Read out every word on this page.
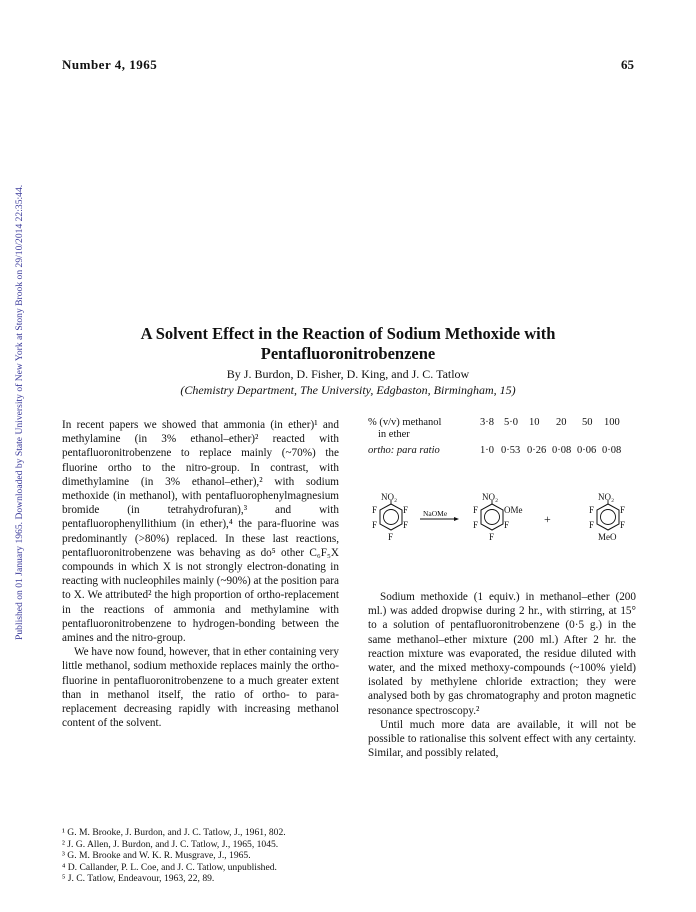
Published on 01 January 1965. Downloaded by State University of New York at Stony Brook on 29/10/2014 22:35:44.
Number 4, 1965	65
A Solvent Effect in the Reaction of Sodium Methoxide with
Pentafluoronitrobenzene
By J. Burdon, D. Fisher, D. King, and J. C. Tatlow
(Chemistry Department, The University, Edgbaston, Birmingham, 15)

In recent papers we showed that ammonia (in ether)¹ and methylamine (in 3% ethanol–ether)² reacted with pentafluoronitrobenzene to replace mainly (~70%) the fluorine ortho to the nitro-group. In contrast, with dimethylamine (in 3% ethanol–ether),² with sodium methoxide (in methanol), with pentafluorophenylmagnesium bromide (in tetrahydrofuran),³ and with pentafluorophenyllithium (in ether),⁴ the para-fluorine was predominantly (>80%) replaced. In these last reactions, pentafluoronitrobenzene was behaving as do⁵ other C₆F₅X compounds in which X is not strongly electron-donating in reacting with nucleophiles mainly (~90%) at the position para to X. We attributed² the high proportion of ortho-replacement in the reactions of ammonia and methylamine with pentafluoronitrobenzene to hydrogen-bonding between the amines and the nitro-group.

We have now found, however, that in ether containing very little methanol, sodium methoxide replaces mainly the ortho-fluorine in pentafluoronitrobenzene to a much greater extent than in methanol itself, the ratio of ortho- to para-replacement decreasing rapidly with increasing methanol content of the solvent.

% (v/v) methanol
in ether
3·8 5·0 10 20 50 100
ortho: para ratio	1·0 0·53 0·26 0·08 0·06 0·08
NO₂
F	F
F	F
F
NaOMe
NO₂
F	OMe
F	F
F
+
NO₂
F	F
F	F
MeO

Sodium methoxide (1 equiv.) in methanol–ether (200 ml.) was added dropwise during 2 hr., with stirring, at 15° to a solution of pentafluoronitrobenzene (0·5 g.) in the same methanol–ether mixture (200 ml.) After 2 hr. the reaction mixture was evaporated, the residue diluted with water, and the mixed methoxy-compounds (~100% yield) isolated by methylene chloride extraction; they were analysed both by gas chromatography and proton magnetic resonance spectroscopy.²

Until much more data are available, it will not be possible to rationalise this solvent effect with any certainty. Similar, and possibly related,

¹ G. M. Brooke, J. Burdon, and J. C. Tatlow, J., 1961, 802.
² J. G. Allen, J. Burdon, and J. C. Tatlow, J., 1965, 1045.
³ G. M. Brooke and W. K. R. Musgrave, J., 1965.
⁴ D. Callander, P. L. Coe, and J. C. Tatlow, unpublished.
⁵ J. C. Tatlow, Endeavour, 1963, 22, 89.
